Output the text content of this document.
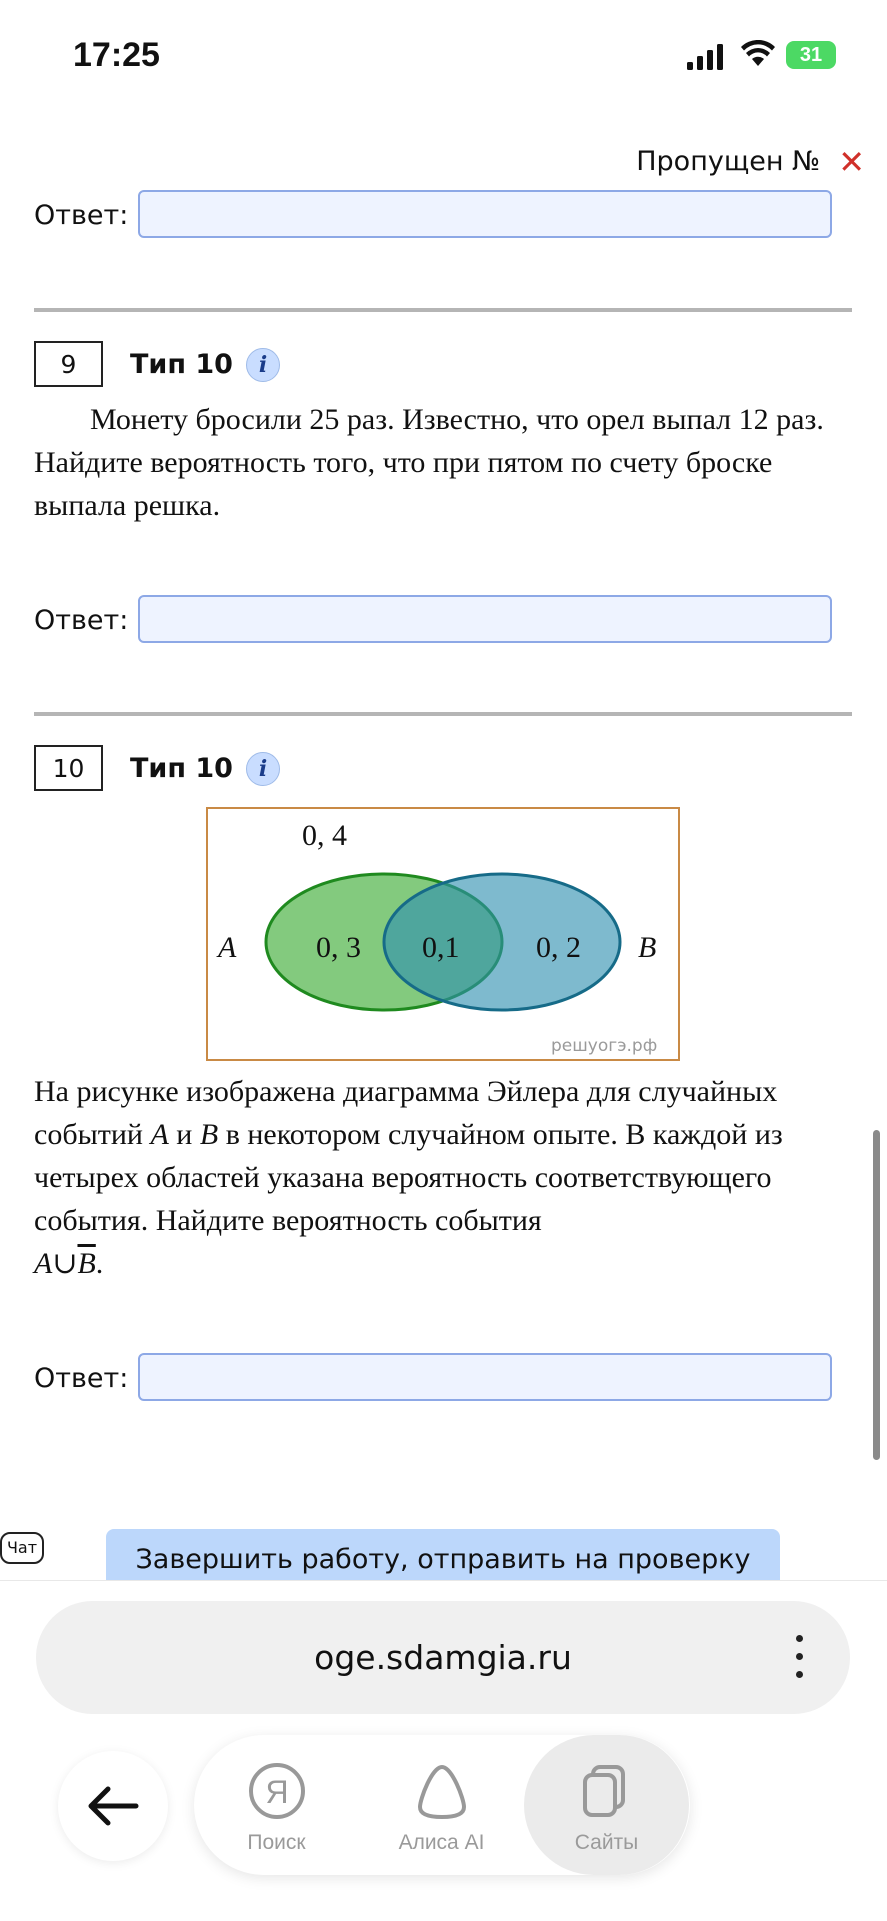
17:25	31
Пропущен № ✕
Ответ:
9	Тип 10	i
Монету бросили 25 раз. Известно, что орел выпал 12 раз. Найдите вероятность того, что при пятом по счету броске выпала решка.
Ответ:
10	Тип 10	i
0, 4
A	0, 3 0,1	0, 2 B
решуогэ.рф
На рисунке изображена диаграмма Эйлера для случайных событий A и B в некотором случайном опыте. В каждой из четырех областей указана вероятность соответствующего события. Найдите вероятность события
$A\cup\overline{B}$.
Ответ:
Чат	Завершить работу, отправить на проверку
oge.sdamgia.ru
Я
Поиск	Алиса AI	Сайты
